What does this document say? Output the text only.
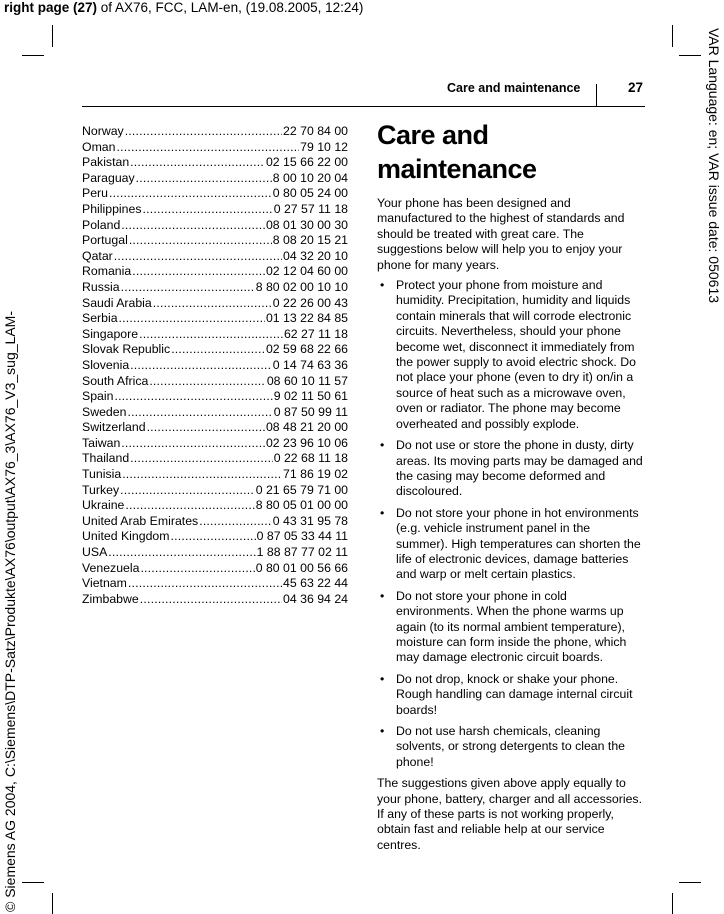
right page (27) of AX76, FCC, LAM-en, (19.08.2005, 12:24)
© Siemens AG 2004, C:\Siemens\DTP-Satz\Produkte\AX76\output\AX76_3\AX76_V3_sug_LAM-
VAR Language: en; VAR issue date: 050613
Care and maintenance	27
Norway .....	22 70 84 00
Oman .....	79 10 12
Pakistan .....	02 15 66 22 00
Paraguay .....	8 00 10 20 04
Peru .....	0 80 05 24 00
Philippines .....	0 27 57 11 18
Poland .....	08 01 30 00 30
Portugal .....	8 08 20 15 21
Qatar .....	04 32 20 10
Romania .....	02 12 04 60 00
Russia .....	8 80 02 00 10 10
Saudi Arabia .....	0 22 26 00 43
Serbia .....	01 13 22 84 85
Singapore .....	62 27 11 18
Slovak Republic .....	02 59 68 22 66
Slovenia .....	0 14 74 63 36
South Africa .....	08 60 10 11 57
Spain .....	9 02 11 50 61
Sweden .....	0 87 50 99 11
Switzerland .....	08 48 21 20 00
Taiwan .....	02 23 96 10 06
Thailand .....	0 22 68 11 18
Tunisia .....	71 86 19 02
Turkey .....	0 21 65 79 71 00
Ukraine .....	8 80 05 01 00 00
United Arab Emirates .....	0 43 31 95 78
United Kingdom .....	0 87 05 33 44 11
USA .....	1 88 87 77 02 11
Venezuela .....	0 80 01 00 56 66
Vietnam .....	45 63 22 44
Zimbabwe .....	04 36 94 24
Care and maintenance

Your phone has been designed and manufactured to the highest of standards and should be treated with great care. The suggestions below will help you to enjoy your phone for many years.

• Protect your phone from moisture and humidity. Precipitation, humidity and liquids contain minerals that will corrode electronic circuits. Nevertheless, should your phone become wet, disconnect it immediately from the power supply to avoid electric shock. Do not place your phone (even to dry it) on/in a source of heat such as a microwave oven, oven or radiator. The phone may become overheated and possibly explode.
• Do not use or store the phone in dusty, dirty areas. Its moving parts may be damaged and the casing may become deformed and discoloured.
• Do not store your phone in hot environments (e.g. vehicle instrument panel in the summer). High temperatures can shorten the life of electronic devices, damage batteries and warp or melt certain plastics.
• Do not store your phone in cold environments. When the phone warms up again (to its normal ambient temperature), moisture can form inside the phone, which may damage electronic circuit boards.
• Do not drop, knock or shake your phone. Rough handling can damage internal circuit boards!
• Do not use harsh chemicals, cleaning solvents, or strong detergents to clean the phone!

The suggestions given above apply equally to your phone, battery, charger and all accessories. If any of these parts is not working properly, obtain fast and reliable help at our service centres.
